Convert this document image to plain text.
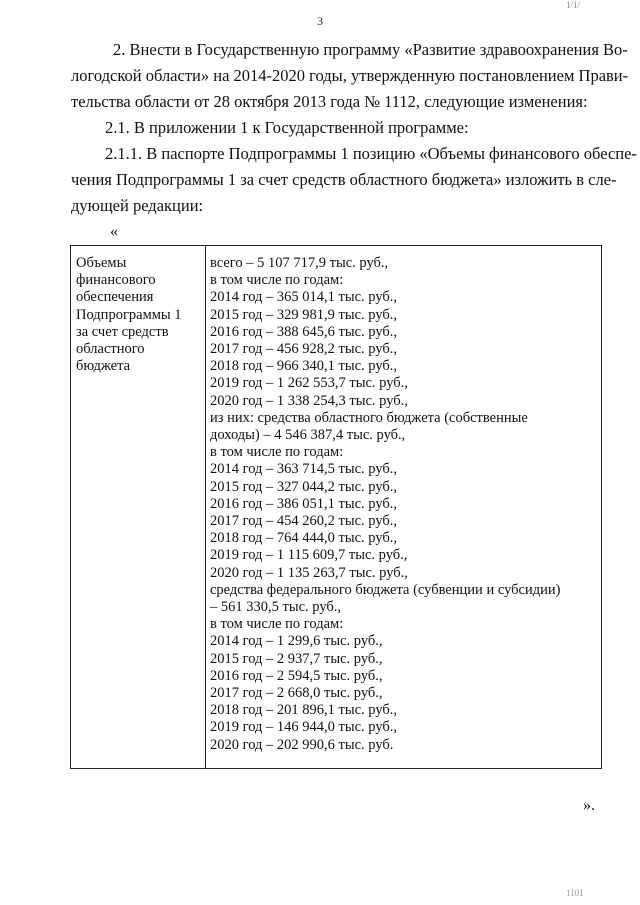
1/1/
3
2. Внести в Государственную программу «Развитие здравоохранения Во-
логодской области» на 2014-2020 годы, утвержденную постановлением Прави-
тельства области от 28 октября 2013 года № 1112, следующие изменения:
2.1. В приложении 1 к Государственной программе:
2.1.1. В паспорте Подпрограммы 1 позицию «Объемы финансового обеспе-
чения Подпрограммы 1 за счет средств областного бюджета» изложить в сле-
дующей редакции:
«
Объемы
финансового
обеспечения
Подпрограммы 1
за счет средств
областного
бюджета
всего – 5 107 717,9 тыс. руб.,
в том числе по годам:
2014 год – 365 014,1 тыс. руб.,
2015 год – 329 981,9 тыс. руб.,
2016 год – 388 645,6 тыс. руб.,
2017 год – 456 928,2 тыс. руб.,
2018 год – 966 340,1 тыс. руб.,
2019 год – 1 262 553,7 тыс. руб.,
2020 год – 1 338 254,3 тыс. руб.,
из них: средства областного бюджета (собственные
доходы) – 4 546 387,4 тыс. руб.,
в том числе по годам:
2014 год – 363 714,5 тыс. руб.,
2015 год – 327 044,2 тыс. руб.,
2016 год – 386 051,1 тыс. руб.,
2017 год – 454 260,2 тыс. руб.,
2018 год – 764 444,0 тыс. руб.,
2019 год – 1 115 609,7 тыс. руб.,
2020 год – 1 135 263,7 тыс. руб.,
средства федерального бюджета (субвенции и субсидии)
– 561 330,5 тыс. руб.,
в том числе по годам:
2014 год – 1 299,6 тыс. руб.,
2015 год – 2 937,7 тыс. руб.,
2016 год – 2 594,5 тыс. руб.,
2017 год – 2 668,0 тыс. руб.,
2018 год – 201 896,1 тыс. руб.,
2019 год – 146 944,0 тыс. руб.,
2020 год – 202 990,6 тыс. руб.
».
1101
